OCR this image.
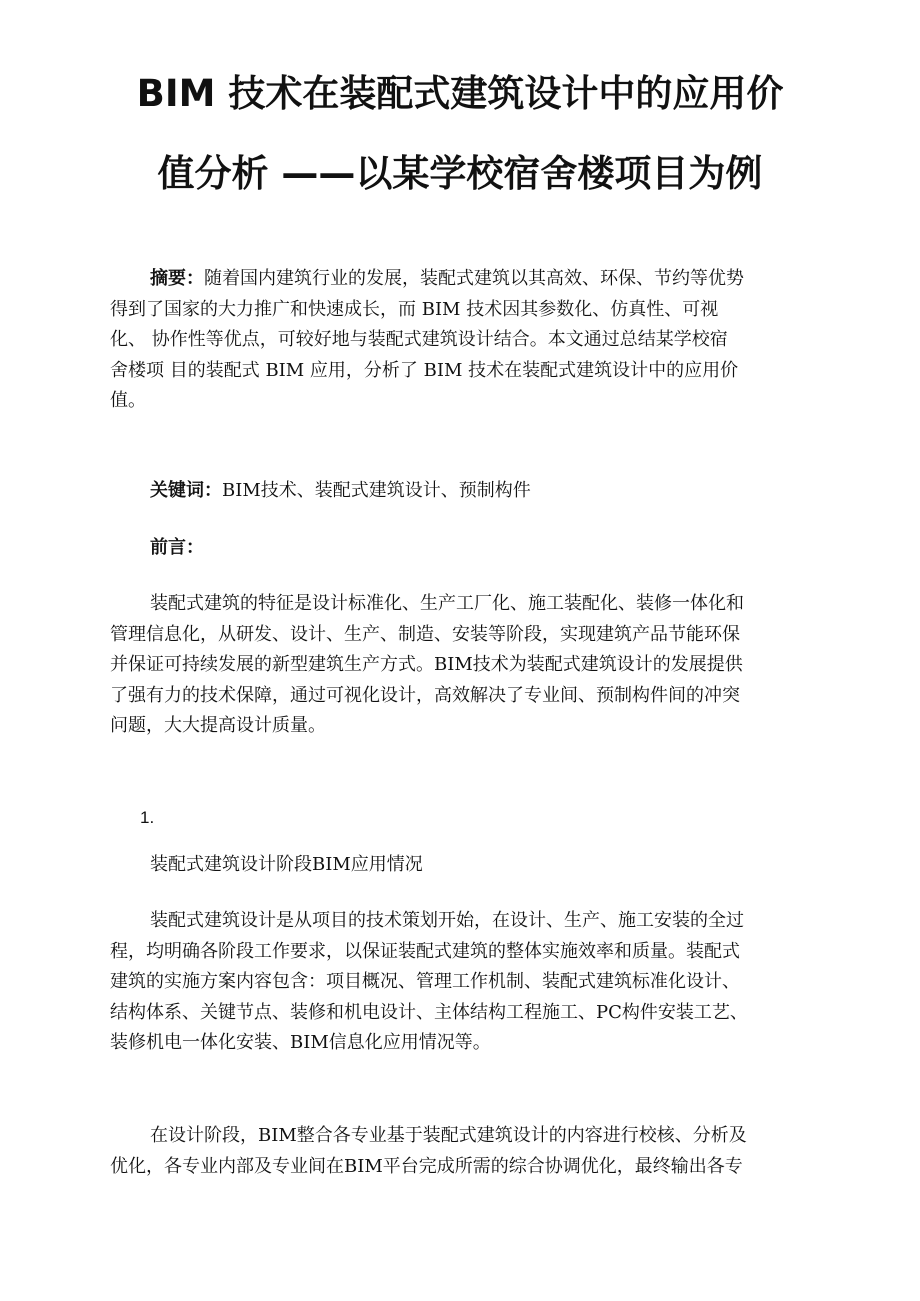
BIM 技术在装配式建筑设计中的应用价
值分析 ——以某学校宿舍楼项目为例
摘要：随着国内建筑行业的发展，装配式建筑以其高效、环保、节约等优势
得到了国家的大力推广和快速成长，而 BIM 技术因其参数化、仿真性、可视
化、 协作性等优点，可较好地与装配式建筑设计结合。本文通过总结某学校宿
舍楼项 目的装配式 BIM 应用，分析了 BIM 技术在装配式建筑设计中的应用价
值。
关键词：BIM技术、装配式建筑设计、预制构件
前言：
装配式建筑的特征是设计标准化、生产工厂化、施工装配化、装修一体化和
管理信息化，从研发、设计、生产、制造、安装等阶段，实现建筑产品节能环保
并保证可持续发展的新型建筑生产方式。BIM技术为装配式建筑设计的发展提供
了强有力的技术保障，通过可视化设计，高效解决了专业间、预制构件间的冲突
问题，大大提高设计质量。

1.

装配式建筑设计阶段BIM应用情况
装配式建筑设计是从项目的技术策划开始，在设计、生产、施工安装的全过
程，均明确各阶段工作要求，以保证装配式建筑的整体实施效率和质量。装配式
建筑的实施方案内容包含：项目概况、管理工作机制、装配式建筑标准化设计、
结构体系、关键节点、装修和机电设计、主体结构工程施工、PC构件安装工艺、
装修机电一体化安装、BIM信息化应用情况等。
在设计阶段，BIM整合各专业基于装配式建筑设计的内容进行校核、分析及
优化，各专业内部及专业间在BIM平台完成所需的综合协调优化，最终输出各专
